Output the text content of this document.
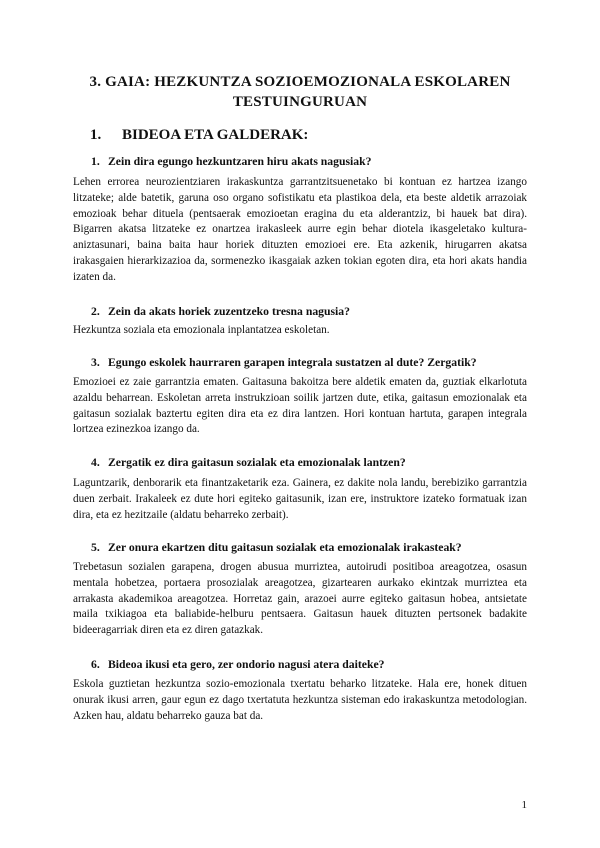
3. GAIA: HEZKUNTZA SOZIOEMOZIONALA ESKOLAREN TESTUINGURUAN
1. BIDEOA ETA GALDERAK:

1. Zein dira egungo hezkuntzaren hiru akats nagusiak?

Lehen errorea neurozientziaren irakaskuntza garrantzitsuenetako bi kontuan ez hartzea izango litzateke; alde batetik, garuna oso organo sofistikatu eta plastikoa dela, eta beste aldetik arrazoiak emozioak behar dituela (pentsaerak emozioetan eragina du eta alderantziz, bi hauek bat dira). Bigarren akatsa litzateke ez onartzea irakasleek aurre egin behar diotela ikasgeletako kultura-aniztasunari, baina baita haur horiek dituzten emozioei ere. Eta azkenik, hirugarren akatsa irakasgaien hierarkizazioa da, sormenezko ikasgaiak azken tokian egoten dira, eta hori akats handia izaten da.

2. Zein da akats horiek zuzentzeko tresna nagusia?

Hezkuntza soziala eta emozionala inplantatzea eskoletan.

3. Egungo eskolek haurraren garapen integrala sustatzen al dute? Zergatik?

Emozioei ez zaie garrantzia ematen. Gaitasuna bakoitza bere aldetik ematen da, guztiak elkarlotuta azaldu beharrean. Eskoletan arreta instrukzioan soilik jartzen dute, etika, gaitasun emozionalak eta gaitasun sozialak baztertu egiten dira eta ez dira lantzen. Hori kontuan hartuta, garapen integrala lortzea ezinezkoa izango da.

4. Zergatik ez dira gaitasun sozialak eta emozionalak lantzen?

Laguntzarik, denborarik eta finantzaketarik eza. Gainera, ez dakite nola landu, berebiziko garrantzia duen zerbait. Irakaleek ez dute hori egiteko gaitasunik, izan ere, instruktore izateko formatuak izan dira, eta ez hezitzaile (aldatu beharreko zerbait).

5. Zer onura ekartzen ditu gaitasun sozialak eta emozionalak irakasteak?

Trebetasun sozialen garapena, drogen abusua murriztea, autoirudi positiboa areagotzea, osasun mentala hobetzea, portaera prosozialak areagotzea, gizartearen aurkako ekintzak murriztea eta arrakasta akademikoa areagotzea. Horretaz gain, arazoei aurre egiteko gaitasun hobea, antsietate maila txikiagoa eta baliabide-helburu pentsaera. Gaitasun hauek dituzten pertsonek badakite bideeragarriak diren eta ez diren gatazkak.

6. Bideoa ikusi eta gero, zer ondorio nagusi atera daiteke?

Eskola guztietan hezkuntza sozio-emozionala txertatu beharko litzateke. Hala ere, honek dituen onurak ikusi arren, gaur egun ez dago txertatuta hezkuntza sisteman edo irakaskuntza metodologian. Azken hau, aldatu beharreko gauza bat da.

1
